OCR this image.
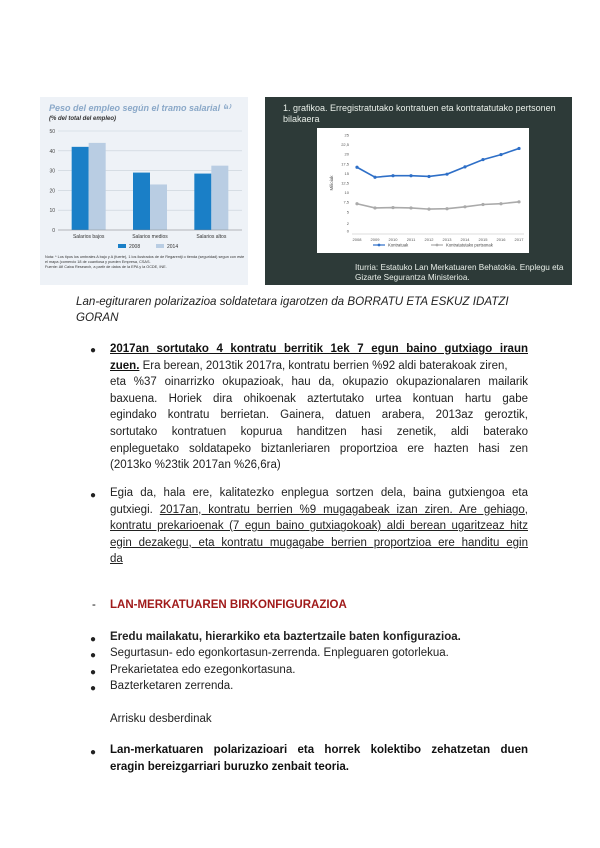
Peso del empleo según el tramo salarial ⁽ᵃ⁾
(% del total del empleo)
0
10
20
30
40
50
Salarios bajos	Salarios medios	Salarios altos
2008	2014
Nota: * Los tipos los umbrales A bajo y A (fuerte), 1 los ilustrados de de Regarentji o tienda (seguridad) segun con este el mapa (comercio 18 de cuantiosa y pueden Empresa, CSAS.
Fuente: Afi Caixa Research, a partir de datos de la EPA y la OCDE, INE.
1. grafikoa. Erregistratutako kontratuen eta kontratatutako pertsonen bilakaera
0
2
5
7,5
10
12,5
15
17,5
20
22,5
25
Milioiak
2008 2009 2010 2011 2012 2013 2014 2015 2016 2017
Kontratuak	Kontratatutako pertsonak
Iturria: Estatuko Lan Merkatuaren Behatokia. Enplegu eta Gizarte Segurantza Ministerioa.
Lan-egituraren polarizazioa soldatetara igarotzen da BORRATU ETA ESKUZ IDATZI GORAN
● 2017an sortutako 4 kontratu berritik 1ek 7 egun baino gutxiago iraun
zuen. Era berean, 2013tik 2017ra, kontratu berrien %92 aldi baterakoak ziren,
eta %37 oinarrizko okupazioak, hau da, okupazio okupazionalaren mailarik
baxuena. Horiek dira ohikoenak aztertutako urtea kontuan hartu gabe
egindako kontratu berrietan. Gainera, datuen arabera, 2013az geroztik,
sortutako kontratuen kopurua handitzen hasi zenetik, aldi baterako
enpleguetako soldatapeko biztanleriaren proportzioa ere hazten hasi zen
(2013ko %23tik 2017an %26,6ra)
● Egia da, hala ere, kalitatezko enplegua sortzen dela, baina gutxiengoa eta
gutxiegi. 2017an, kontratu berrien %9 mugagabeak izan ziren. Are gehiago,
kontratu prekarioenak (7 egun baino gutxiagokoak) aldi berean ugaritzeaz hitz
egin dezakegu, eta kontratu mugagabe berrien proportzioa ere handitu egin
da
- LAN-MERKATUAREN BIRKONFIGURAZIOA
● Eredu mailakatu, hierarkiko eta baztertzaile baten konfigurazioa.
● Segurtasun- edo egonkortasun-zerrenda. Enpleguaren gotorlekua.
● Prekarietatea edo ezegonkortasuna.
● Bazterketaren zerrenda.
Arrisku desberdinak
● Lan-merkatuaren polarizazioari eta horrek kolektibo zehatzetan duen
eragin bereizgarriari buruzko zenbait teoria.
